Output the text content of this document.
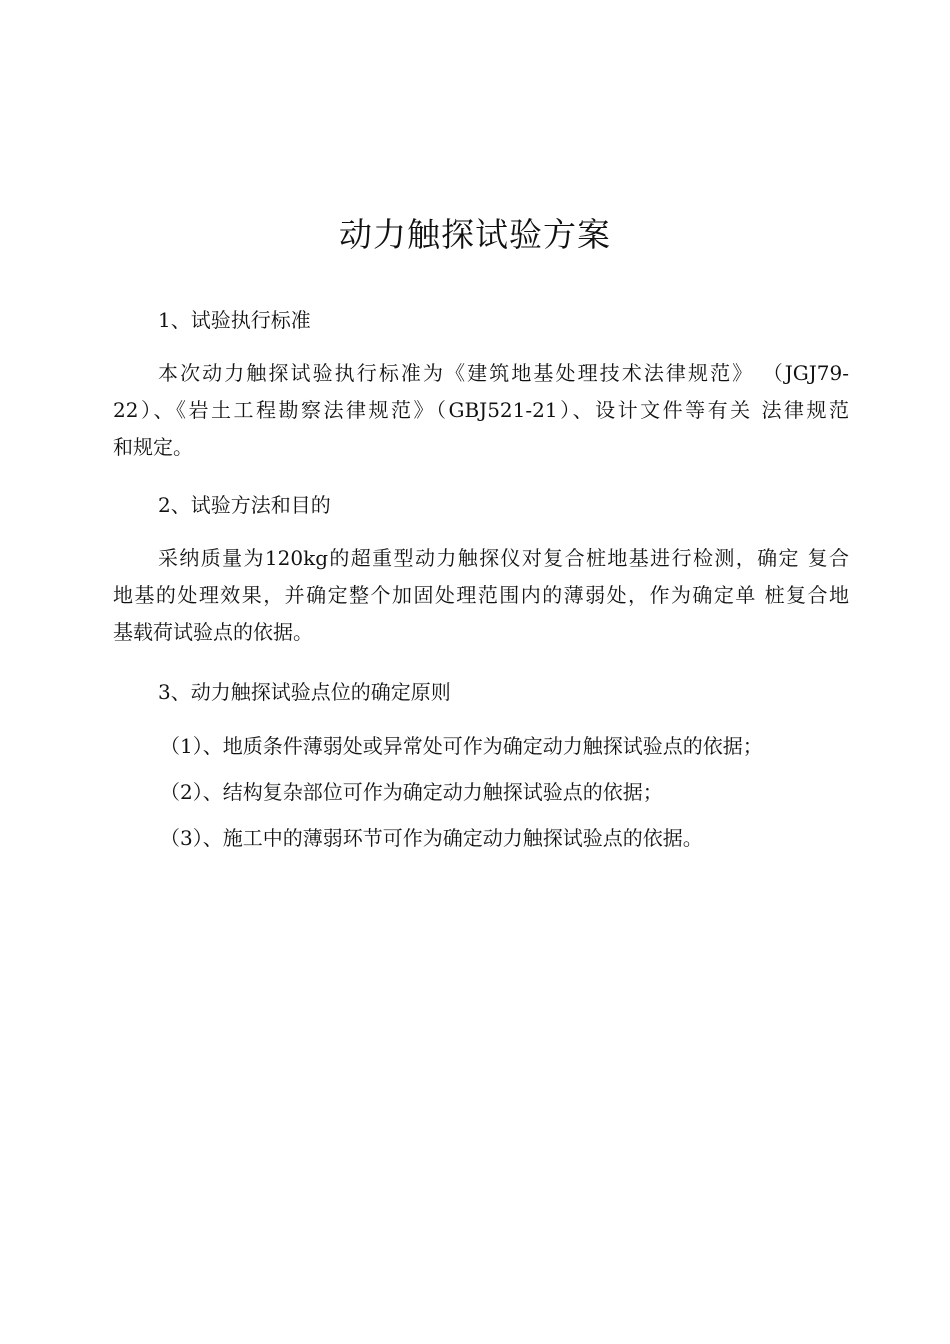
动力触探试验方案
1、试验执行标准
本次动力触探试验执行标准为《建筑地基处理技术法律规范》 （JGJ79-
22）、《岩土工程勘察法律规范》（GBJ521-21）、设计文件等有关 法律规范
和规定。
2、试验方法和目的
采纳质量为120kg的超重型动力触探仪对复合桩地基进行检测，确定 复合
地基的处理效果，并确定整个加固处理范围内的薄弱处，作为确定单 桩复合地
基载荷试验点的依据。
3、动力触探试验点位的确定原则
（1）、地质条件薄弱处或异常处可作为确定动力触探试验点的依据；
（2）、结构复杂部位可作为确定动力触探试验点的依据；
（3）、施工中的薄弱环节可作为确定动力触探试验点的依据。
